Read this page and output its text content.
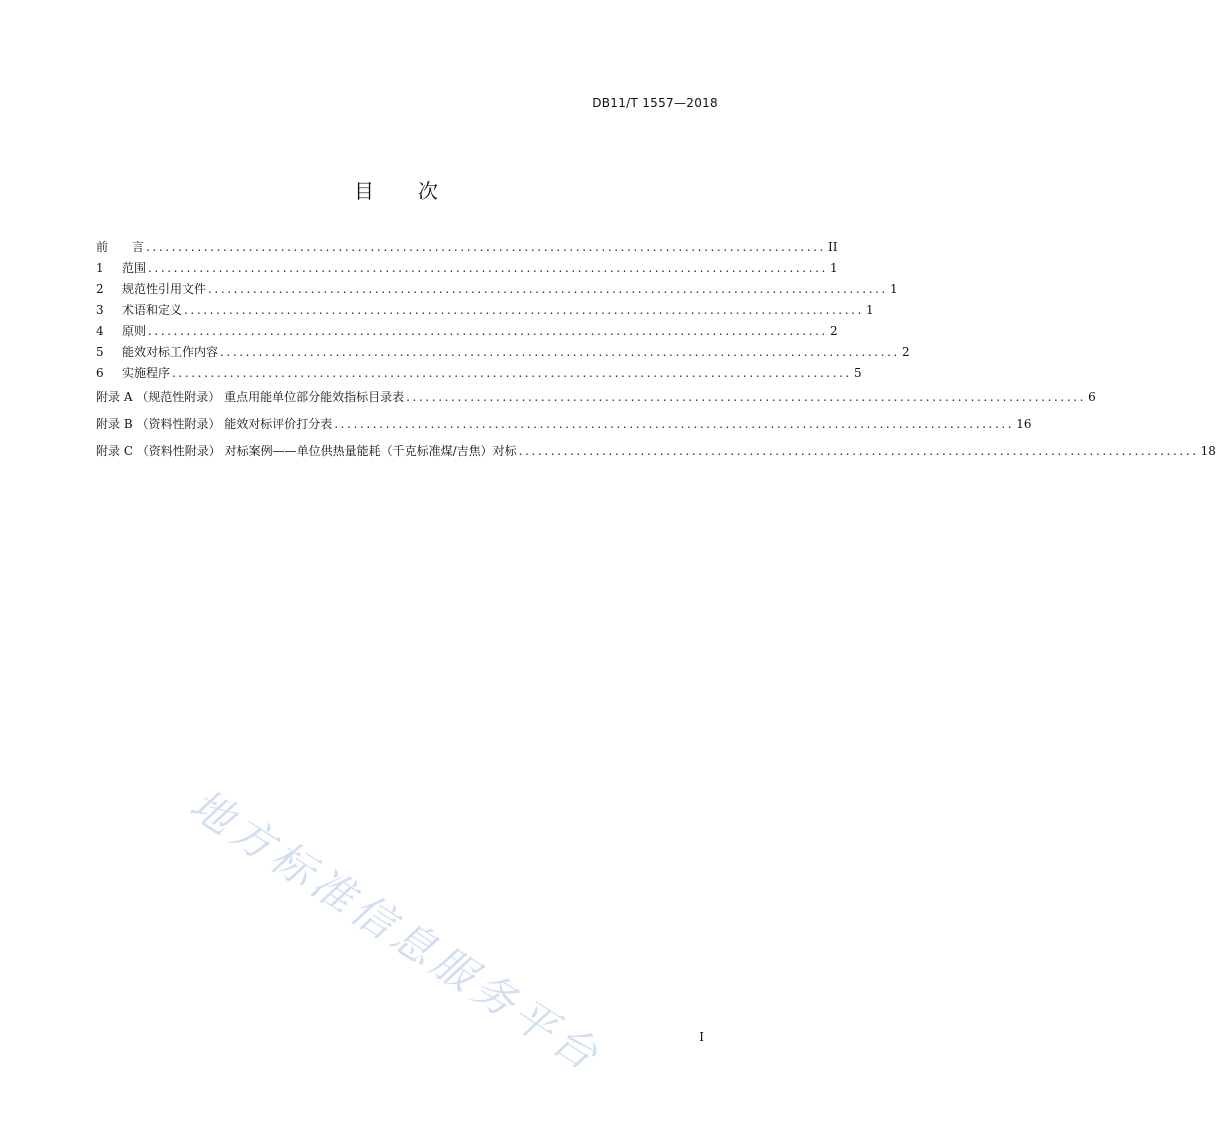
DB11/T 1557—2018
目 次
前　　言 .......................................................................................................... II
1	范围 .......................................................................................................... 1
2	规范性引用文件 .......................................................................................................... 1
3	术语和定义 .......................................................................................................... 1
4	原则 .......................................................................................................... 2
5	能效对标工作内容 .......................................................................................................... 2
6	实施程序 .......................................................................................................... 5
附录 A （规范性附录） 重点用能单位部分能效指标目录表 .......................................................................................................... 6
附录 B （资料性附录） 能效对标评价打分表 .......................................................................................................... 16
附录 C （资料性附录） 对标案例——单位供热量能耗（千克标准煤/吉焦）对标 .......................................................................................................... 18
地方标准信息服务平台	I
